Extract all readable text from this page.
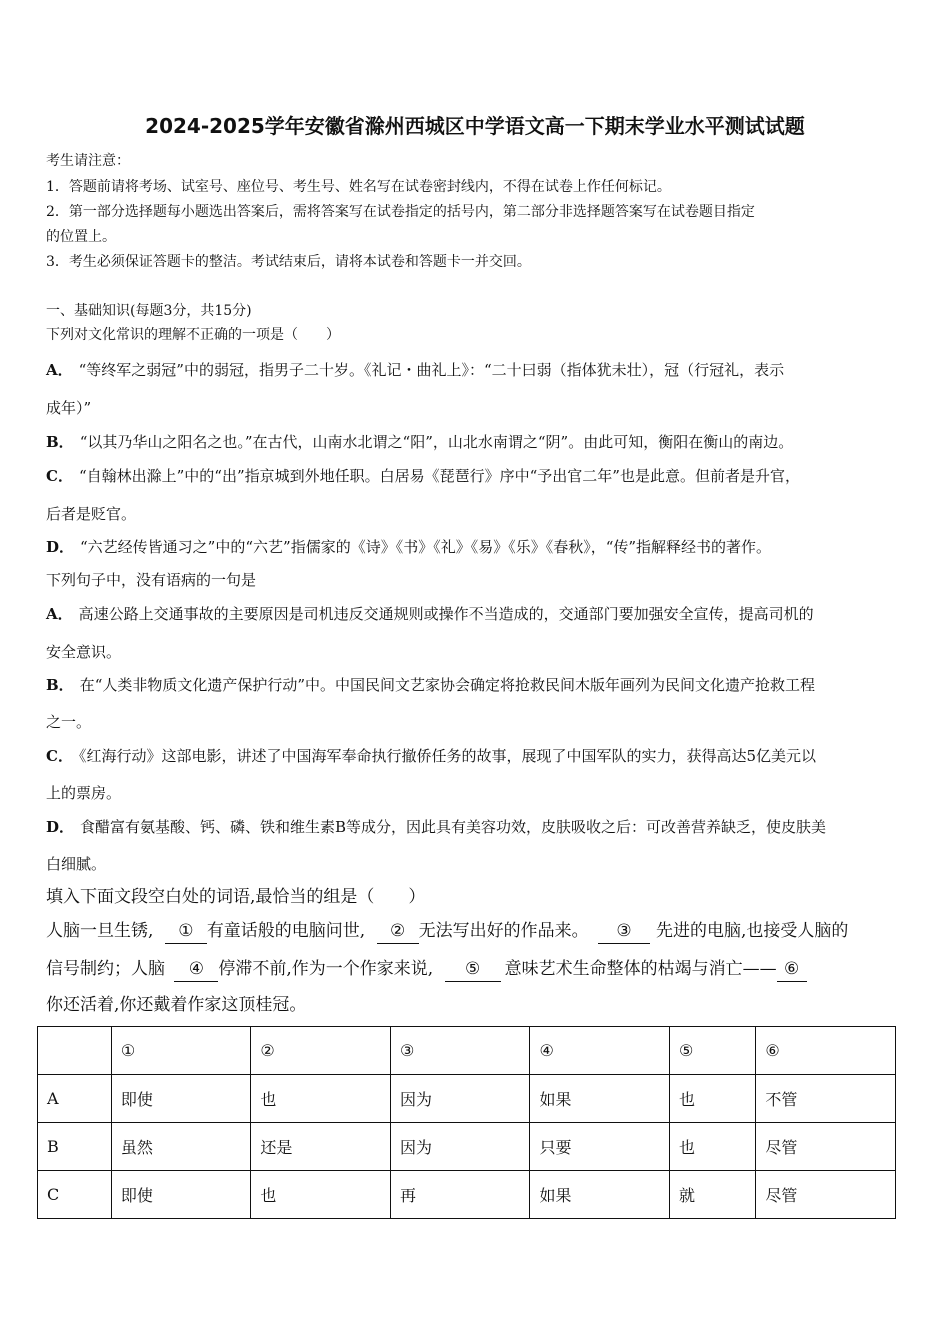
2024-2025学年安徽省滁州西城区中学语文高一下期末学业水平测试试题
考生请注意：
1．答题前请将考场、试室号、座位号、考生号、姓名写在试卷密封线内，不得在试卷上作任何标记。
2．第一部分选择题每小题选出答案后，需将答案写在试卷指定的括号内，第二部分非选择题答案写在试卷题目指定
的位置上。
3．考生必须保证答题卡的整洁。考试结束后，请将本试卷和答题卡一并交回。
一、基础知识(每题3分，共15分)
下列对文化常识的理解不正确的一项是（　　）
A． “等终军之弱冠”中的弱冠，指男子二十岁。《礼记・曲礼上》：“二十曰弱（指体犹未壮），冠（行冠礼，表示
成年）”
B． “以其乃华山之阳名之也。”在古代，山南水北谓之“阳”，山北水南谓之“阴”。由此可知，衡阳在衡山的南边。
C． “自翰林出滁上”中的“出”指京城到外地任职。白居易《琵琶行》序中“予出官二年”也是此意。但前者是升官，
后者是贬官。
D． “六艺经传皆通习之”中的“六艺”指儒家的《诗》《书》《礼》《易》《乐》《春秋》，“传”指解释经书的著作。
下列句子中，没有语病的一句是
A． 高速公路上交通事故的主要原因是司机违反交通规则或操作不当造成的，交通部门要加强安全宣传，提高司机的
安全意识。
B． 在“人类非物质文化遗产保护行动”中。中国民间文艺家协会确定将抢救民间木版年画列为民间文化遗产抢救工程
之一。
C． 《红海行动》这部电影，讲述了中国海军奉命执行撤侨任务的故事，展现了中国军队的实力，获得高达5亿美元以
上的票房。
D． 食醋富有氨基酸、钙、磷、铁和维生素B等成分，因此具有美容功效，皮肤吸收之后：可改善营养缺乏，使皮肤美
白细腻。
填入下面文段空白处的词语,最恰当的组是（　　）
人脑一旦生锈, ① 有童话般的电脑问世, ② 无法写出好的作品来。 ③ 先进的电脑,也接受人脑的
信号制约；人脑 ④ 停滞不前,作为一个作家来说, ⑤ 意味艺术生命整体的枯竭与消亡—— ⑥
你还活着,你还戴着作家这顶桂冠。
	①	②	③	④	⑤	⑥
A	即使	也	因为	如果	也	不管
B	虽然	还是	因为	只要	也	尽管
C	即使	也	再	如果	就	尽管
